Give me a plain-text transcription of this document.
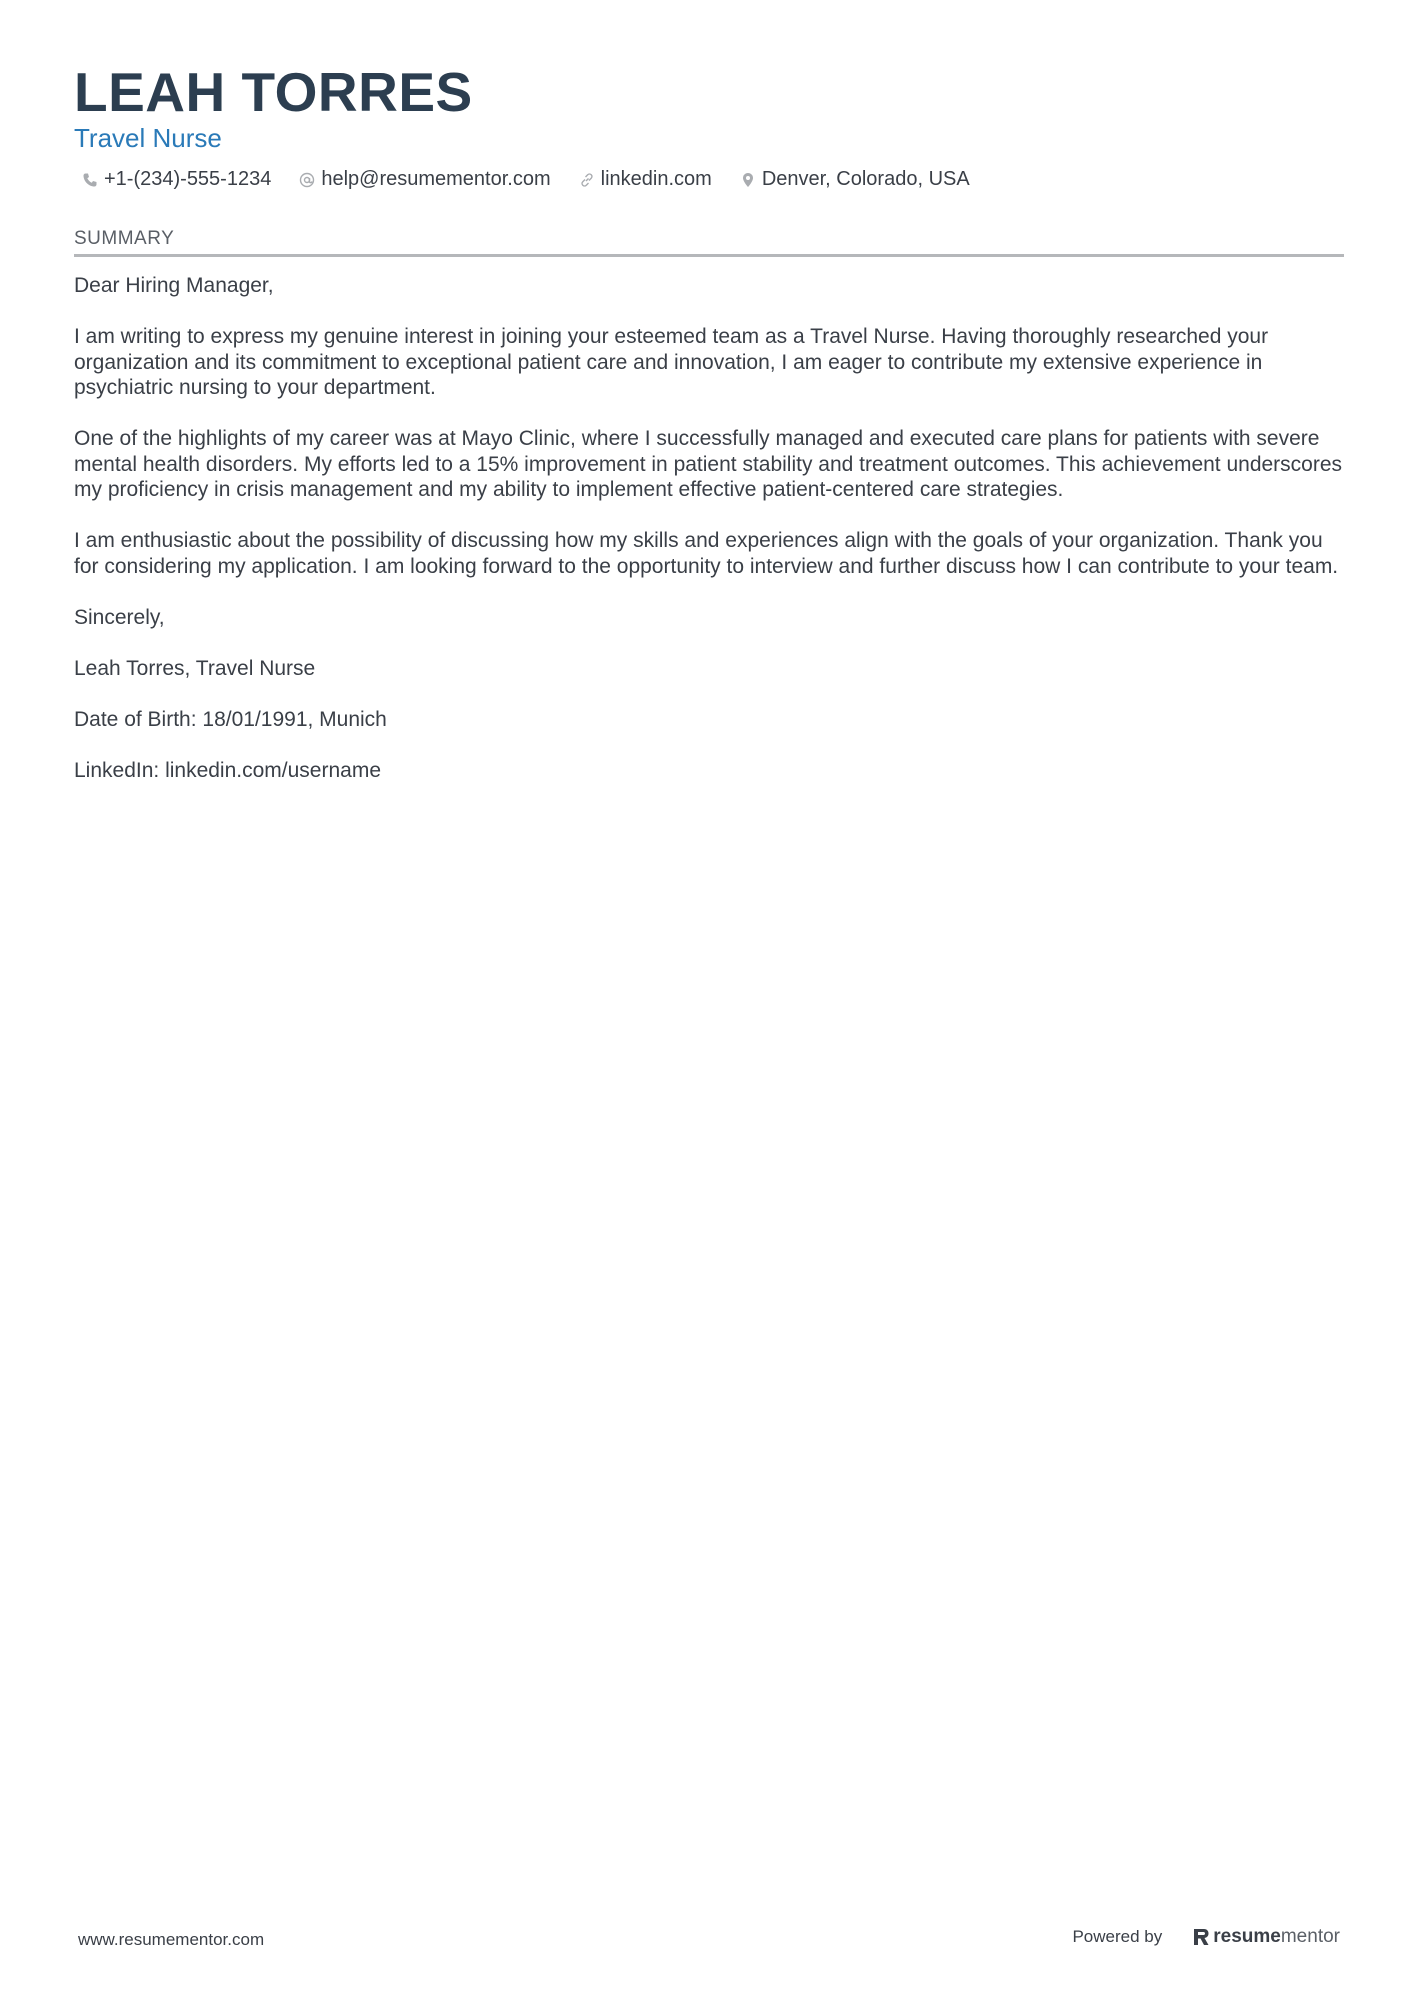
LEAH TORRES
Travel Nurse
+1-(234)-555-1234	help@resumementor.com	linkedin.com	Denver, Colorado, USA
SUMMARY

Dear Hiring Manager,

I am writing to express my genuine interest in joining your esteemed team as a Travel Nurse. Having thoroughly researched your organization and its commitment to exceptional patient care and innovation, I am eager to contribute my extensive experience in psychiatric nursing to your department.

One of the highlights of my career was at Mayo Clinic, where I successfully managed and executed care plans for patients with severe mental health disorders. My efforts led to a 15% improvement in patient stability and treatment outcomes. This achievement underscores my proficiency in crisis management and my ability to implement effective patient-centered care strategies.

I am enthusiastic about the possibility of discussing how my skills and experiences align with the goals of your organization. Thank you for considering my application. I am looking forward to the opportunity to interview and further discuss how I can contribute to your team.

Sincerely,

Leah Torres, Travel Nurse

Date of Birth: 18/01/1991, Munich

LinkedIn: linkedin.com/username

www.resumementor.com	Powered by	resume mentor
